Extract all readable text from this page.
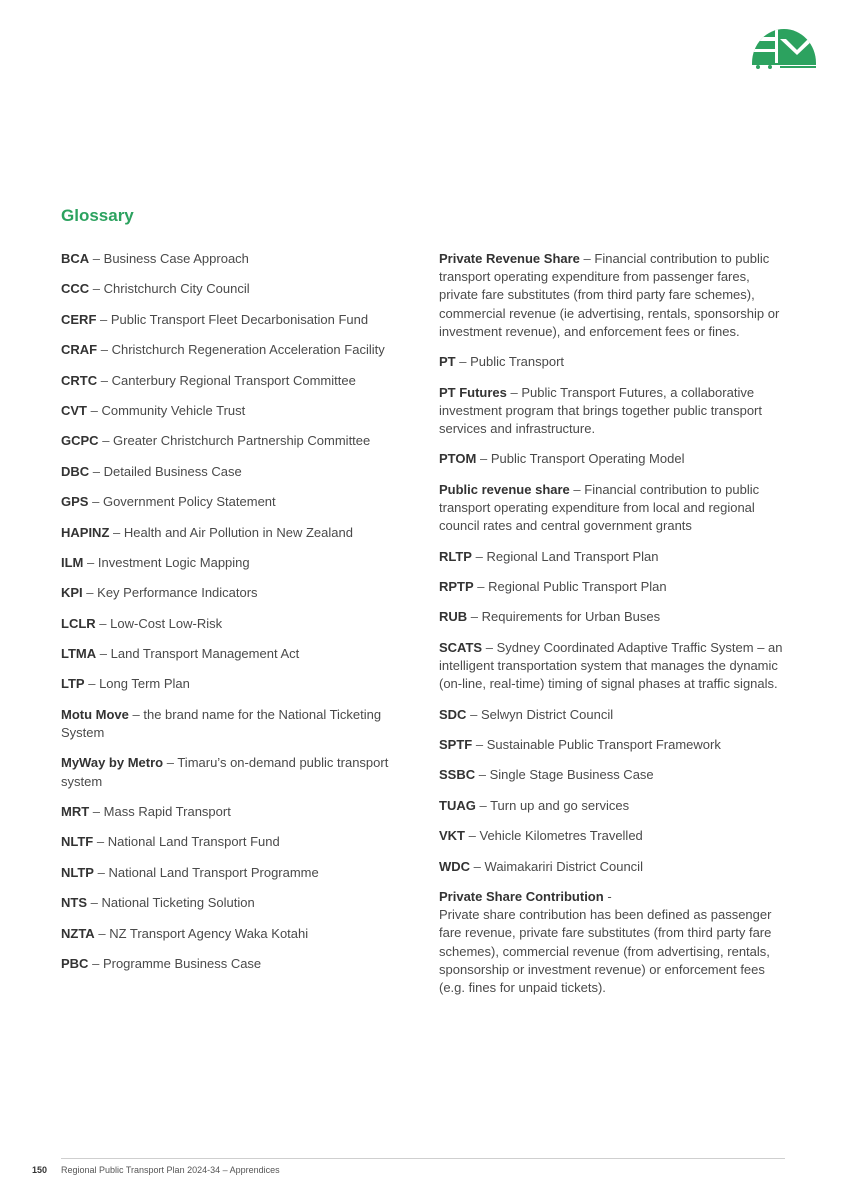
Glossary

BCA – Business Case Approach

CCC – Christchurch City Council

CERF – Public Transport Fleet Decarbonisation Fund

CRAF – Christchurch Regeneration Acceleration Facility

CRTC – Canterbury Regional Transport Committee

CVT – Community Vehicle Trust

GCPC – Greater Christchurch Partnership Committee

DBC – Detailed Business Case

GPS – Government Policy Statement

HAPINZ – Health and Air Pollution in New Zealand

ILM – Investment Logic Mapping

KPI – Key Performance Indicators

LCLR – Low-Cost Low-Risk

LTMA – Land Transport Management Act

LTP – Long Term Plan

Motu Move – the brand name for the National Ticketing System

MyWay by Metro – Timaru’s on-demand public transport system

MRT – Mass Rapid Transport

NLTF – National Land Transport Fund

NLTP – National Land Transport Programme

NTS – National Ticketing Solution

NZTA – NZ Transport Agency Waka Kotahi

PBC – Programme Business Case

Private Revenue Share – Financial contribution to public transport operating expenditure from passenger fares, private fare substitutes (from third party fare schemes), commercial revenue (ie advertising, rentals, sponsorship or investment revenue), and enforcement fees or fines.

PT – Public Transport

PT Futures – Public Transport Futures, a collaborative investment program that brings together public transport services and infrastructure.

PTOM – Public Transport Operating Model

Public revenue share – Financial contribution to public transport operating expenditure from local and regional council rates and central government grants

RLTP – Regional Land Transport Plan

RPTP – Regional Public Transport Plan

RUB – Requirements for Urban Buses

SCATS – Sydney Coordinated Adaptive Traffic System – an intelligent transportation system that manages the dynamic (on-line, real-time) timing of signal phases at traffic signals.

SDC – Selwyn District Council

SPTF – Sustainable Public Transport Framework

SSBC – Single Stage Business Case

TUAG – Turn up and go services

VKT – Vehicle Kilometres Travelled

WDC – Waimakariri District Council

Private Share Contribution -
Private share contribution has been defined as passenger fare revenue, private fare substitutes (from third party fare schemes), commercial revenue (from advertising, rentals, sponsorship or investment revenue) or enforcement fees (e.g. fines for unpaid tickets).

150 Regional Public Transport Plan 2024-34 – Apprendices
